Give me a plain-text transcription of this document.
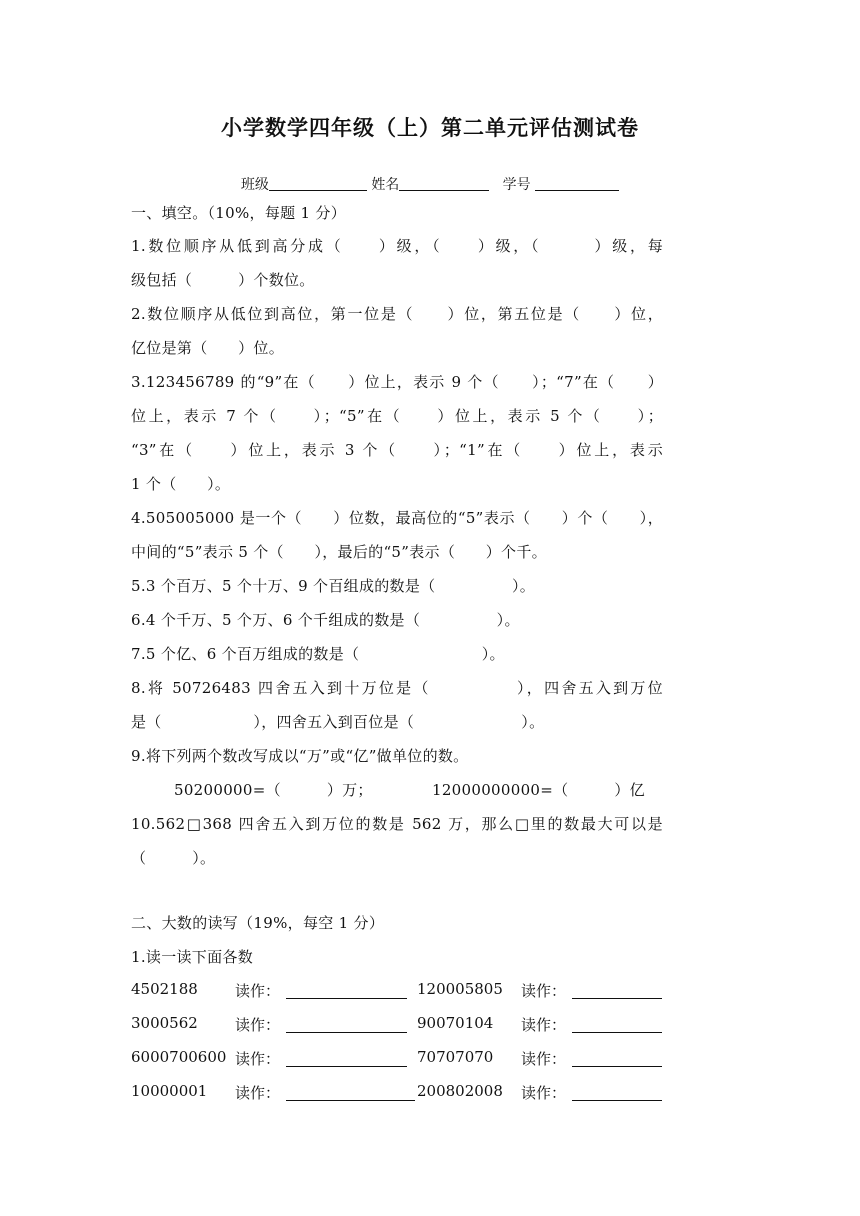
小学数学四年级（上）第二单元评估测试卷
班级	姓名	学号
一、填空。（10%，每题 1 分）
1.数位顺序从低到高分成（　　）级，（　　）级，（　　　）级，每
级包括（　　　）个数位。
2.数位顺序从低位到高位，第一位是（　　）位，第五位是（　　）位，
亿位是第（　　）位。
3.123456789 的“9”在（　　）位上，表示 9 个（　　）；“7”在（　　）
位上，表示 7 个（　　）；“5”在（　　）位上，表示 5 个（　　）；
“3”在（　　）位上，表示 3 个（　　）；“1”在（　　）位上，表示
1 个（　　）。
4.505005000 是一个（　　）位数，最高位的“5”表示（　　）个（　　），
中间的“5”表示 5 个（　　），最后的“5”表示（　　）个千。
5.3 个百万、5 个十万、9 个百组成的数是（　　　　　）。
6.4 个千万、5 个万、6 个千组成的数是（　　　　　）。
7.5 个亿、6 个百万组成的数是（　　　　　　　　）。
8.将 50726483 四舍五入到十万位是（　　　　　），四舍五入到万位
是（　　　　　　），四舍五入到百位是（　　　　　　　）。
9.将下列两个数改写成以“万”或“亿”做单位的数。
50200000=（　　　）万；	12000000000=（　　　）亿
10.562□368 四舍五入到万位的数是 562 万，那么□里的数最大可以是
（　　　）。
二、大数的读写（19%，每空 1 分）
1.读一读下面各数
4502188 读作：	120005805 读作：
3000562 读作：	90070104 读作：
6000700600 读作：	70707070 读作：
10000001 读作：	200802008 读作：
